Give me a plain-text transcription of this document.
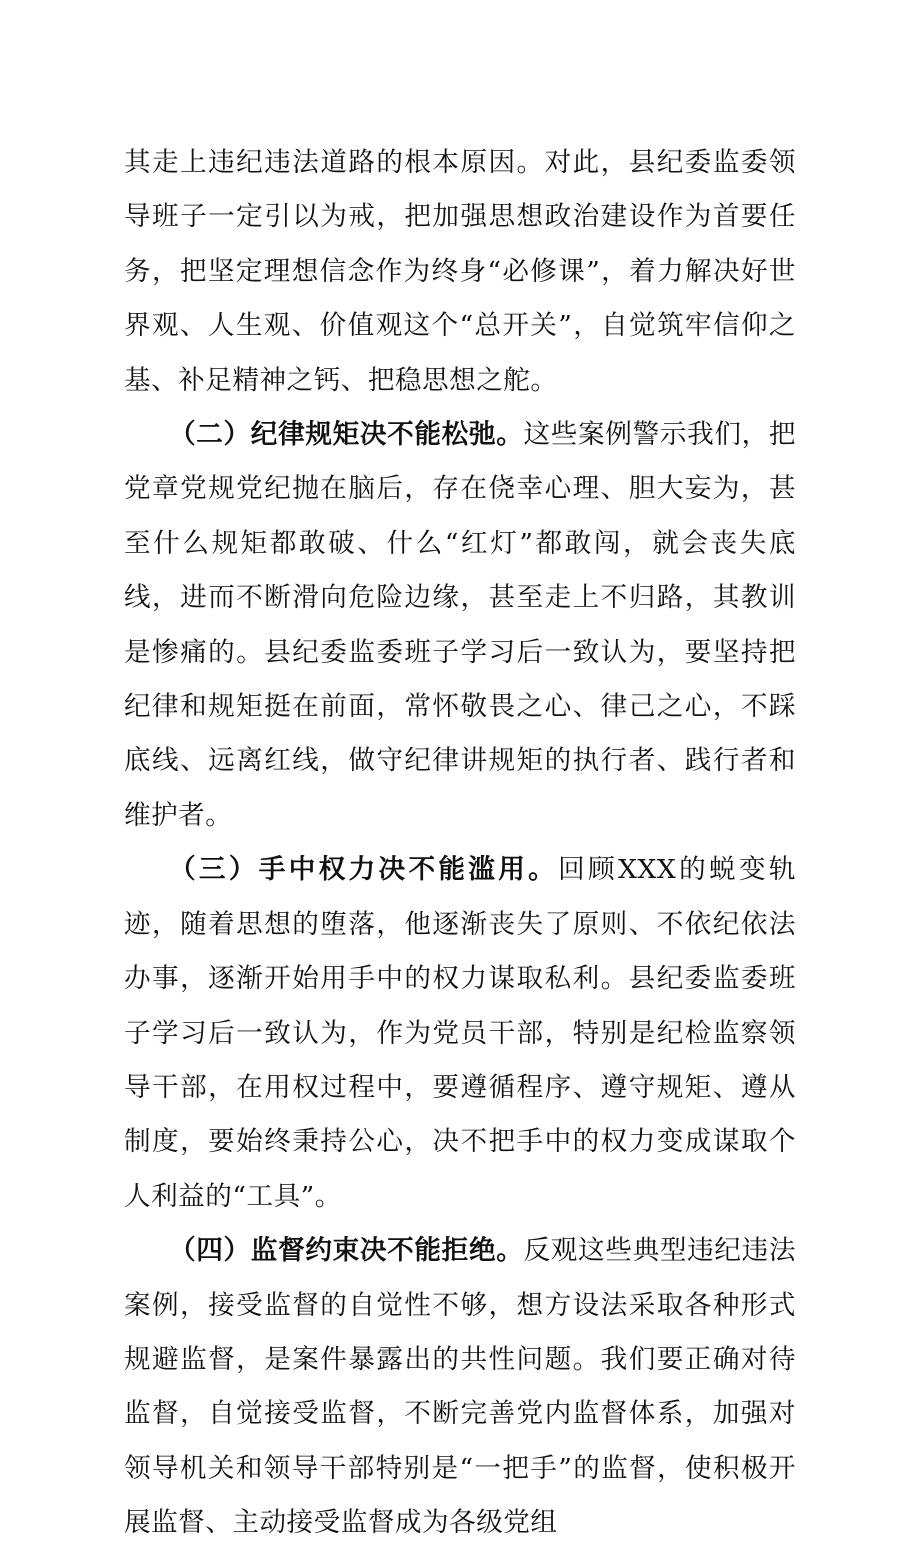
其走上违纪违法道路的根本原因。对此，县纪委监委领导班子一定引以为戒，把加强思想政治建设作为首要任务，把坚定理想信念作为终身“必修课”，着力解决好世界观、人生观、价值观这个“总开关”，自觉筑牢信仰之基、补足精神之钙、把稳思想之舵。

（二）纪律规矩决不能松弛。这些案例警示我们，把党章党规党纪抛在脑后，存在侥幸心理、胆大妄为，甚至什么规矩都敢破、什么“红灯”都敢闯，就会丧失底线，进而不断滑向危险边缘，甚至走上不归路，其教训是惨痛的。县纪委监委班子学习后一致认为，要坚持把纪律和规矩挺在前面，常怀敬畏之心、律己之心，不踩底线、远离红线，做守纪律讲规矩的执行者、践行者和维护者。

（三）手中权力决不能滥用。回顾XXX的蜕变轨迹，随着思想的堕落，他逐渐丧失了原则、不依纪依法办事，逐渐开始用手中的权力谋取私利。县纪委监委班子学习后一致认为，作为党员干部，特别是纪检监察领导干部，在用权过程中，要遵循程序、遵守规矩、遵从制度，要始终秉持公心，决不把手中的权力变成谋取个人利益的“工具”。

（四）监督约束决不能拒绝。反观这些典型违纪违法案例，接受监督的自觉性不够，想方设法采取各种形式规避监督，是案件暴露出的共性问题。我们要正确对待监督，自觉接受监督，不断完善党内监督体系，加强对领导机关和领导干部特别是“一把手”的监督，使积极开展监督、主动接受监督成为各级党组
